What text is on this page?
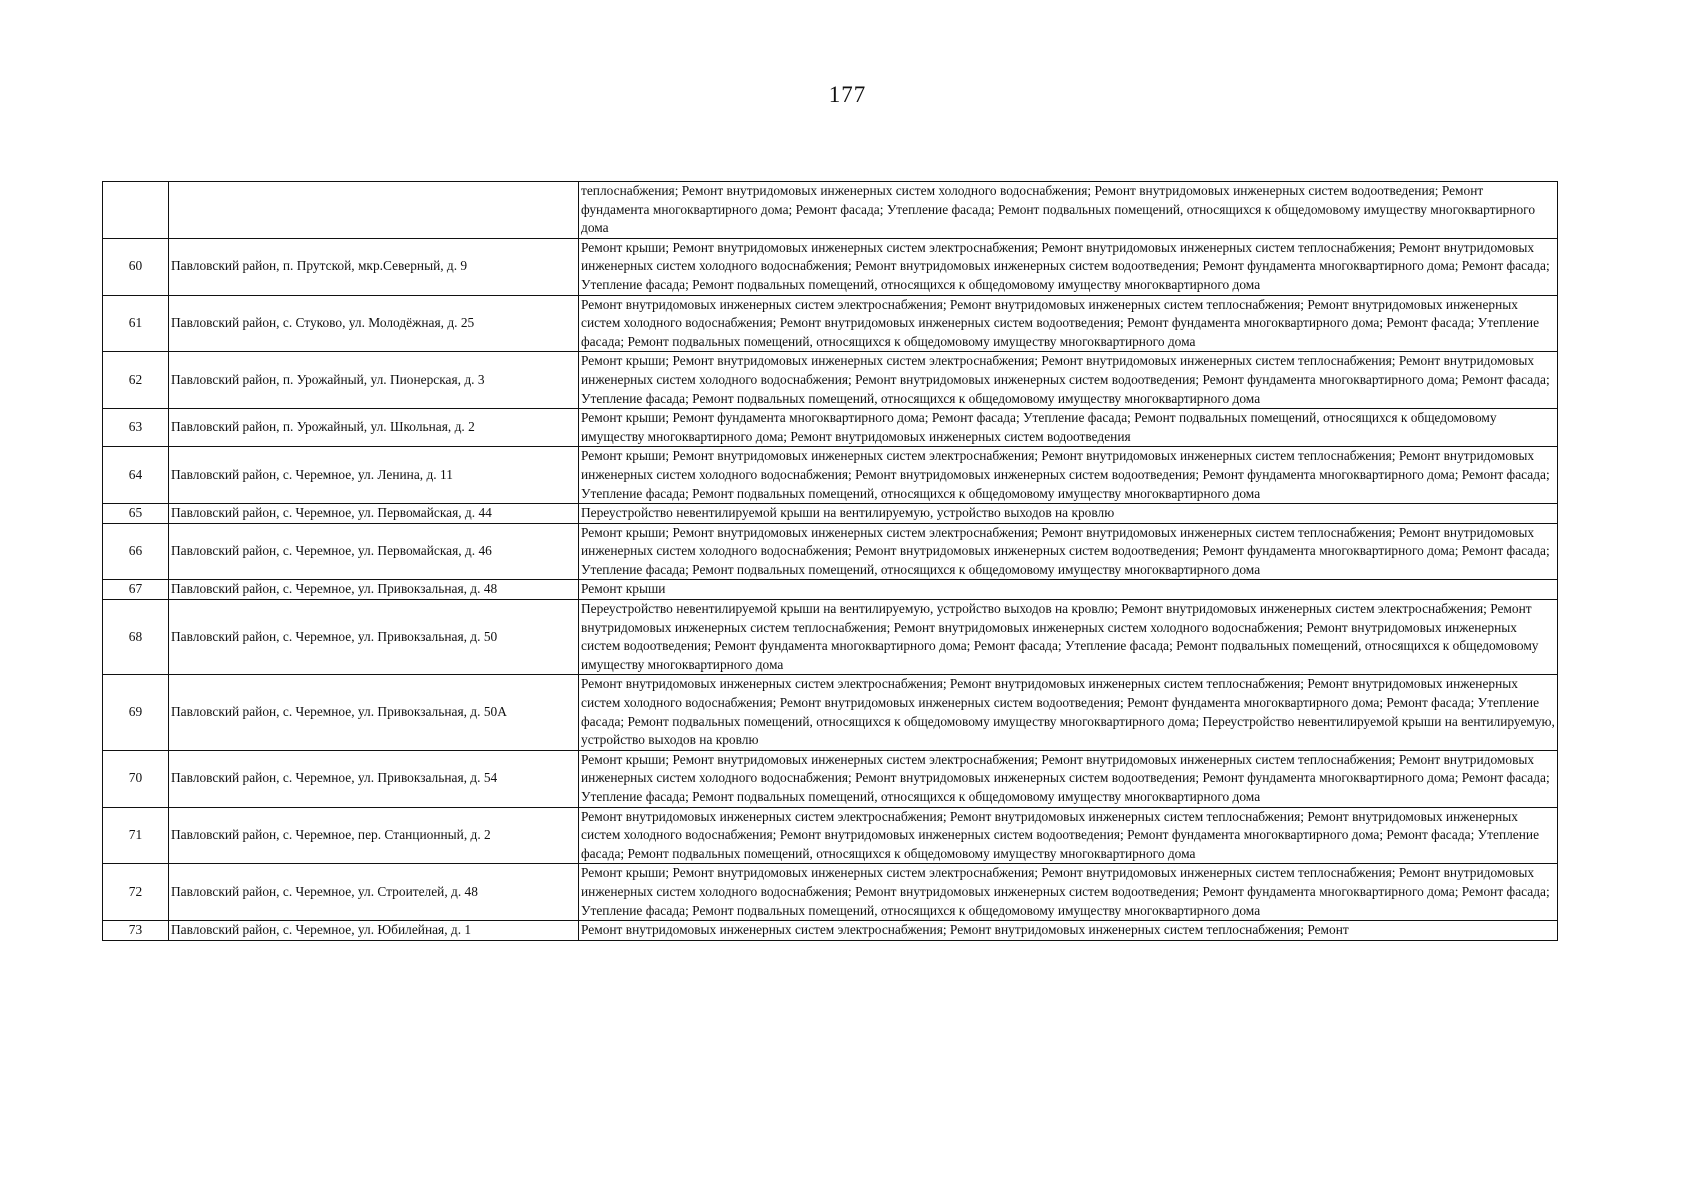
177

		теплоснабжения; Ремонт внутридомовых инженерных систем холодного водоснабжения; Ремонт внутридомовых инженерных систем водоотведения; Ремонт фундамента многоквартирного дома; Ремонт фасада; Утепление фасада; Ремонт подвальных помещений, относящихся к общедомовому имуществу многоквартирного дома

60	Павловский район, п. Прутской, мкр.Северный, д. 9	Ремонт крыши; Ремонт внутридомовых инженерных систем электроснабжения; Ремонт внутридомовых инженерных систем теплоснабжения; Ремонт внутридомовых инженерных систем холодного водоснабжения; Ремонт внутридомовых инженерных систем водоотведения; Ремонт фундамента многоквартирного дома; Ремонт фасада; Утепление фасада; Ремонт подвальных помещений, относящихся к общедомовому имуществу многоквартирного дома

61	Павловский район, с. Стуково, ул. Молодёжная, д. 25	Ремонт внутридомовых инженерных систем электроснабжения; Ремонт внутридомовых инженерных систем теплоснабжения; Ремонт внутридомовых инженерных систем холодного водоснабжения; Ремонт внутридомовых инженерных систем водоотведения; Ремонт фундамента многоквартирного дома; Ремонт фасада; Утепление фасада; Ремонт подвальных помещений, относящихся к общедомовому имуществу многоквартирного дома

62	Павловский район, п. Урожайный, ул. Пионерская, д. 3	Ремонт крыши; Ремонт внутридомовых инженерных систем электроснабжения; Ремонт внутридомовых инженерных систем теплоснабжения; Ремонт внутридомовых инженерных систем холодного водоснабжения; Ремонт внутридомовых инженерных систем водоотведения; Ремонт фундамента многоквартирного дома; Ремонт фасада; Утепление фасада; Ремонт подвальных помещений, относящихся к общедомовому имуществу многоквартирного дома

63	Павловский район, п. Урожайный, ул. Школьная, д. 2	Ремонт крыши; Ремонт фундамента многоквартирного дома; Ремонт фасада; Утепление фасада; Ремонт подвальных помещений, относящихся к общедомовому имуществу многоквартирного дома; Ремонт внутридомовых инженерных систем водоотведения

64	Павловский район, с. Черемное, ул. Ленина, д. 11	Ремонт крыши; Ремонт внутридомовых инженерных систем электроснабжения; Ремонт внутридомовых инженерных систем теплоснабжения; Ремонт внутридомовых инженерных систем холодного водоснабжения; Ремонт внутридомовых инженерных систем водоотведения; Ремонт фундамента многоквартирного дома; Ремонт фасада; Утепление фасада; Ремонт подвальных помещений, относящихся к общедомовому имуществу многоквартирного дома

65	Павловский район, с. Черемное, ул. Первомайская, д. 44	Переустройство невентилируемой крыши на вентилируемую, устройство выходов на кровлю

66	Павловский район, с. Черемное, ул. Первомайская, д. 46	Ремонт крыши; Ремонт внутридомовых инженерных систем электроснабжения; Ремонт внутридомовых инженерных систем теплоснабжения; Ремонт внутридомовых инженерных систем холодного водоснабжения; Ремонт внутридомовых инженерных систем водоотведения; Ремонт фундамента многоквартирного дома; Ремонт фасада; Утепление фасада; Ремонт подвальных помещений, относящихся к общедомовому имуществу многоквартирного дома

67	Павловский район, с. Черемное, ул. Привокзальная, д. 48	Ремонт крыши

68	Павловский район, с. Черемное, ул. Привокзальная, д. 50	Переустройство невентилируемой крыши на вентилируемую, устройство выходов на кровлю; Ремонт внутридомовых инженерных систем электроснабжения; Ремонт внутридомовых инженерных систем теплоснабжения; Ремонт внутридомовых инженерных систем холодного водоснабжения; Ремонт внутридомовых инженерных систем водоотведения; Ремонт фундамента многоквартирного дома; Ремонт фасада; Утепление фасада; Ремонт подвальных помещений, относящихся к общедомовому имуществу многоквартирного дома

69	Павловский район, с. Черемное, ул. Привокзальная, д. 50А	Ремонт внутридомовых инженерных систем электроснабжения; Ремонт внутридомовых инженерных систем теплоснабжения; Ремонт внутридомовых инженерных систем холодного водоснабжения; Ремонт внутридомовых инженерных систем водоотведения; Ремонт фундамента многоквартирного дома; Ремонт фасада; Утепление фасада; Ремонт подвальных помещений, относящихся к общедомовому имуществу многоквартирного дома; Переустройство невентилируемой крыши на вентилируемую, устройство выходов на кровлю

70	Павловский район, с. Черемное, ул. Привокзальная, д. 54	Ремонт крыши; Ремонт внутридомовых инженерных систем электроснабжения; Ремонт внутридомовых инженерных систем теплоснабжения; Ремонт внутридомовых инженерных систем холодного водоснабжения; Ремонт внутридомовых инженерных систем водоотведения; Ремонт фундамента многоквартирного дома; Ремонт фасада; Утепление фасада; Ремонт подвальных помещений, относящихся к общедомовому имуществу многоквартирного дома

71	Павловский район, с. Черемное, пер. Станционный, д. 2	Ремонт внутридомовых инженерных систем электроснабжения; Ремонт внутридомовых инженерных систем теплоснабжения; Ремонт внутридомовых инженерных систем холодного водоснабжения; Ремонт внутридомовых инженерных систем водоотведения; Ремонт фундамента многоквартирного дома; Ремонт фасада; Утепление фасада; Ремонт подвальных помещений, относящихся к общедомовому имуществу многоквартирного дома

72	Павловский район, с. Черемное, ул. Строителей, д. 48	Ремонт крыши; Ремонт внутридомовых инженерных систем электроснабжения; Ремонт внутридомовых инженерных систем теплоснабжения; Ремонт внутридомовых инженерных систем холодного водоснабжения; Ремонт внутридомовых инженерных систем водоотведения; Ремонт фундамента многоквартирного дома; Ремонт фасада; Утепление фасада; Ремонт подвальных помещений, относящихся к общедомовому имуществу многоквартирного дома

73	Павловский район, с. Черемное, ул. Юбилейная, д. 1	Ремонт внутридомовых инженерных систем электроснабжения; Ремонт внутридомовых инженерных систем теплоснабжения; Ремонт
